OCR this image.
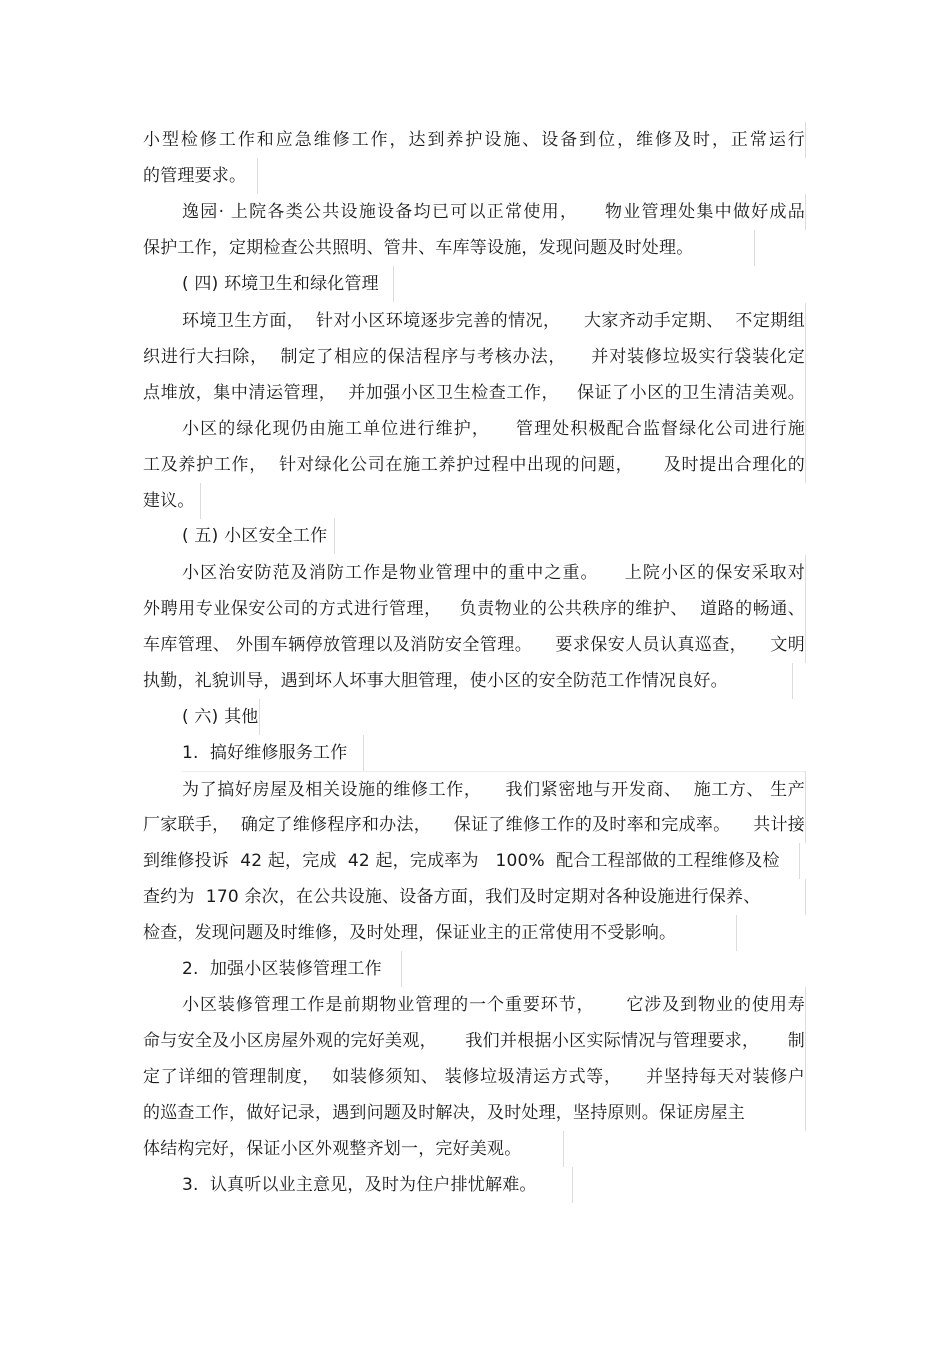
小型检修工作和应急维修工作，达到养护设施、设备到位，维修及时，正常运行
的管理要求。
逸园· 上院各类公共设施设备均已可以正常使用，    物业管理处集中做好成品
保护工作，定期检查公共照明、管井、车库等设施，发现问题及时处理。
( 四) 环境卫生和绿化管理
环境卫生方面，  针对小区环境逐步完善的情况，    大家齐动手定期、  不定期组
织进行大扫除，  制定了相应的保洁程序与考核办法，    并对装修垃圾实行袋装化定
点堆放，集中清运管理，  并加强小区卫生检查工作，   保证了小区的卫生清洁美观。
小区的绿化现仍由施工单位进行维护，    管理处积极配合监督绿化公司进行施
工及养护工作，  针对绿化公司在施工养护过程中出现的问题，     及时提出合理化的
建议。
( 五) 小区安全工作
小区治安防范及消防工作是物业管理中的重中之重。    上院小区的保安采取对
外聘用专业保安公司的方式进行管理，   负责物业的公共秩序的维护、  道路的畅通、
车库管理、 外围车辆停放管理以及消防安全管理。    要求保安人员认真巡查，    文明
执勤，礼貌训导，遇到坏人坏事大胆管理，使小区的安全防范工作情况良好。
( 六) 其他
1.  搞好维修服务工作
为了搞好房屋及相关设施的维修工作，    我们紧密地与开发商、  施工方、 生产
厂家联手，  确定了维修程序和办法，    保证了维修工作的及时率和完成率。    共计接
到维修投诉  42 起，完成  42 起，完成率为   100%  配合工程部做的工程维修及检
查约为  170 余次，在公共设施、设备方面，我们及时定期对各种设施进行保养、
检查，发现问题及时维修，及时处理，保证业主的正常使用不受影响。
2.  加强小区装修管理工作
小区装修管理工作是前期物业管理的一个重要环节，     它涉及到物业的使用寿
命与安全及小区房屋外观的完好美观，     我们并根据小区实际情况与管理要求，     制
定了详细的管理制度，  如装修须知、 装修垃圾清运方式等，    并坚持每天对装修户
的巡查工作，做好记录，遇到问题及时解决，及时处理，坚持原则。保证房屋主
体结构完好，保证小区外观整齐划一，完好美观。
3.  认真听以业主意见，及时为住户排忧解难。
